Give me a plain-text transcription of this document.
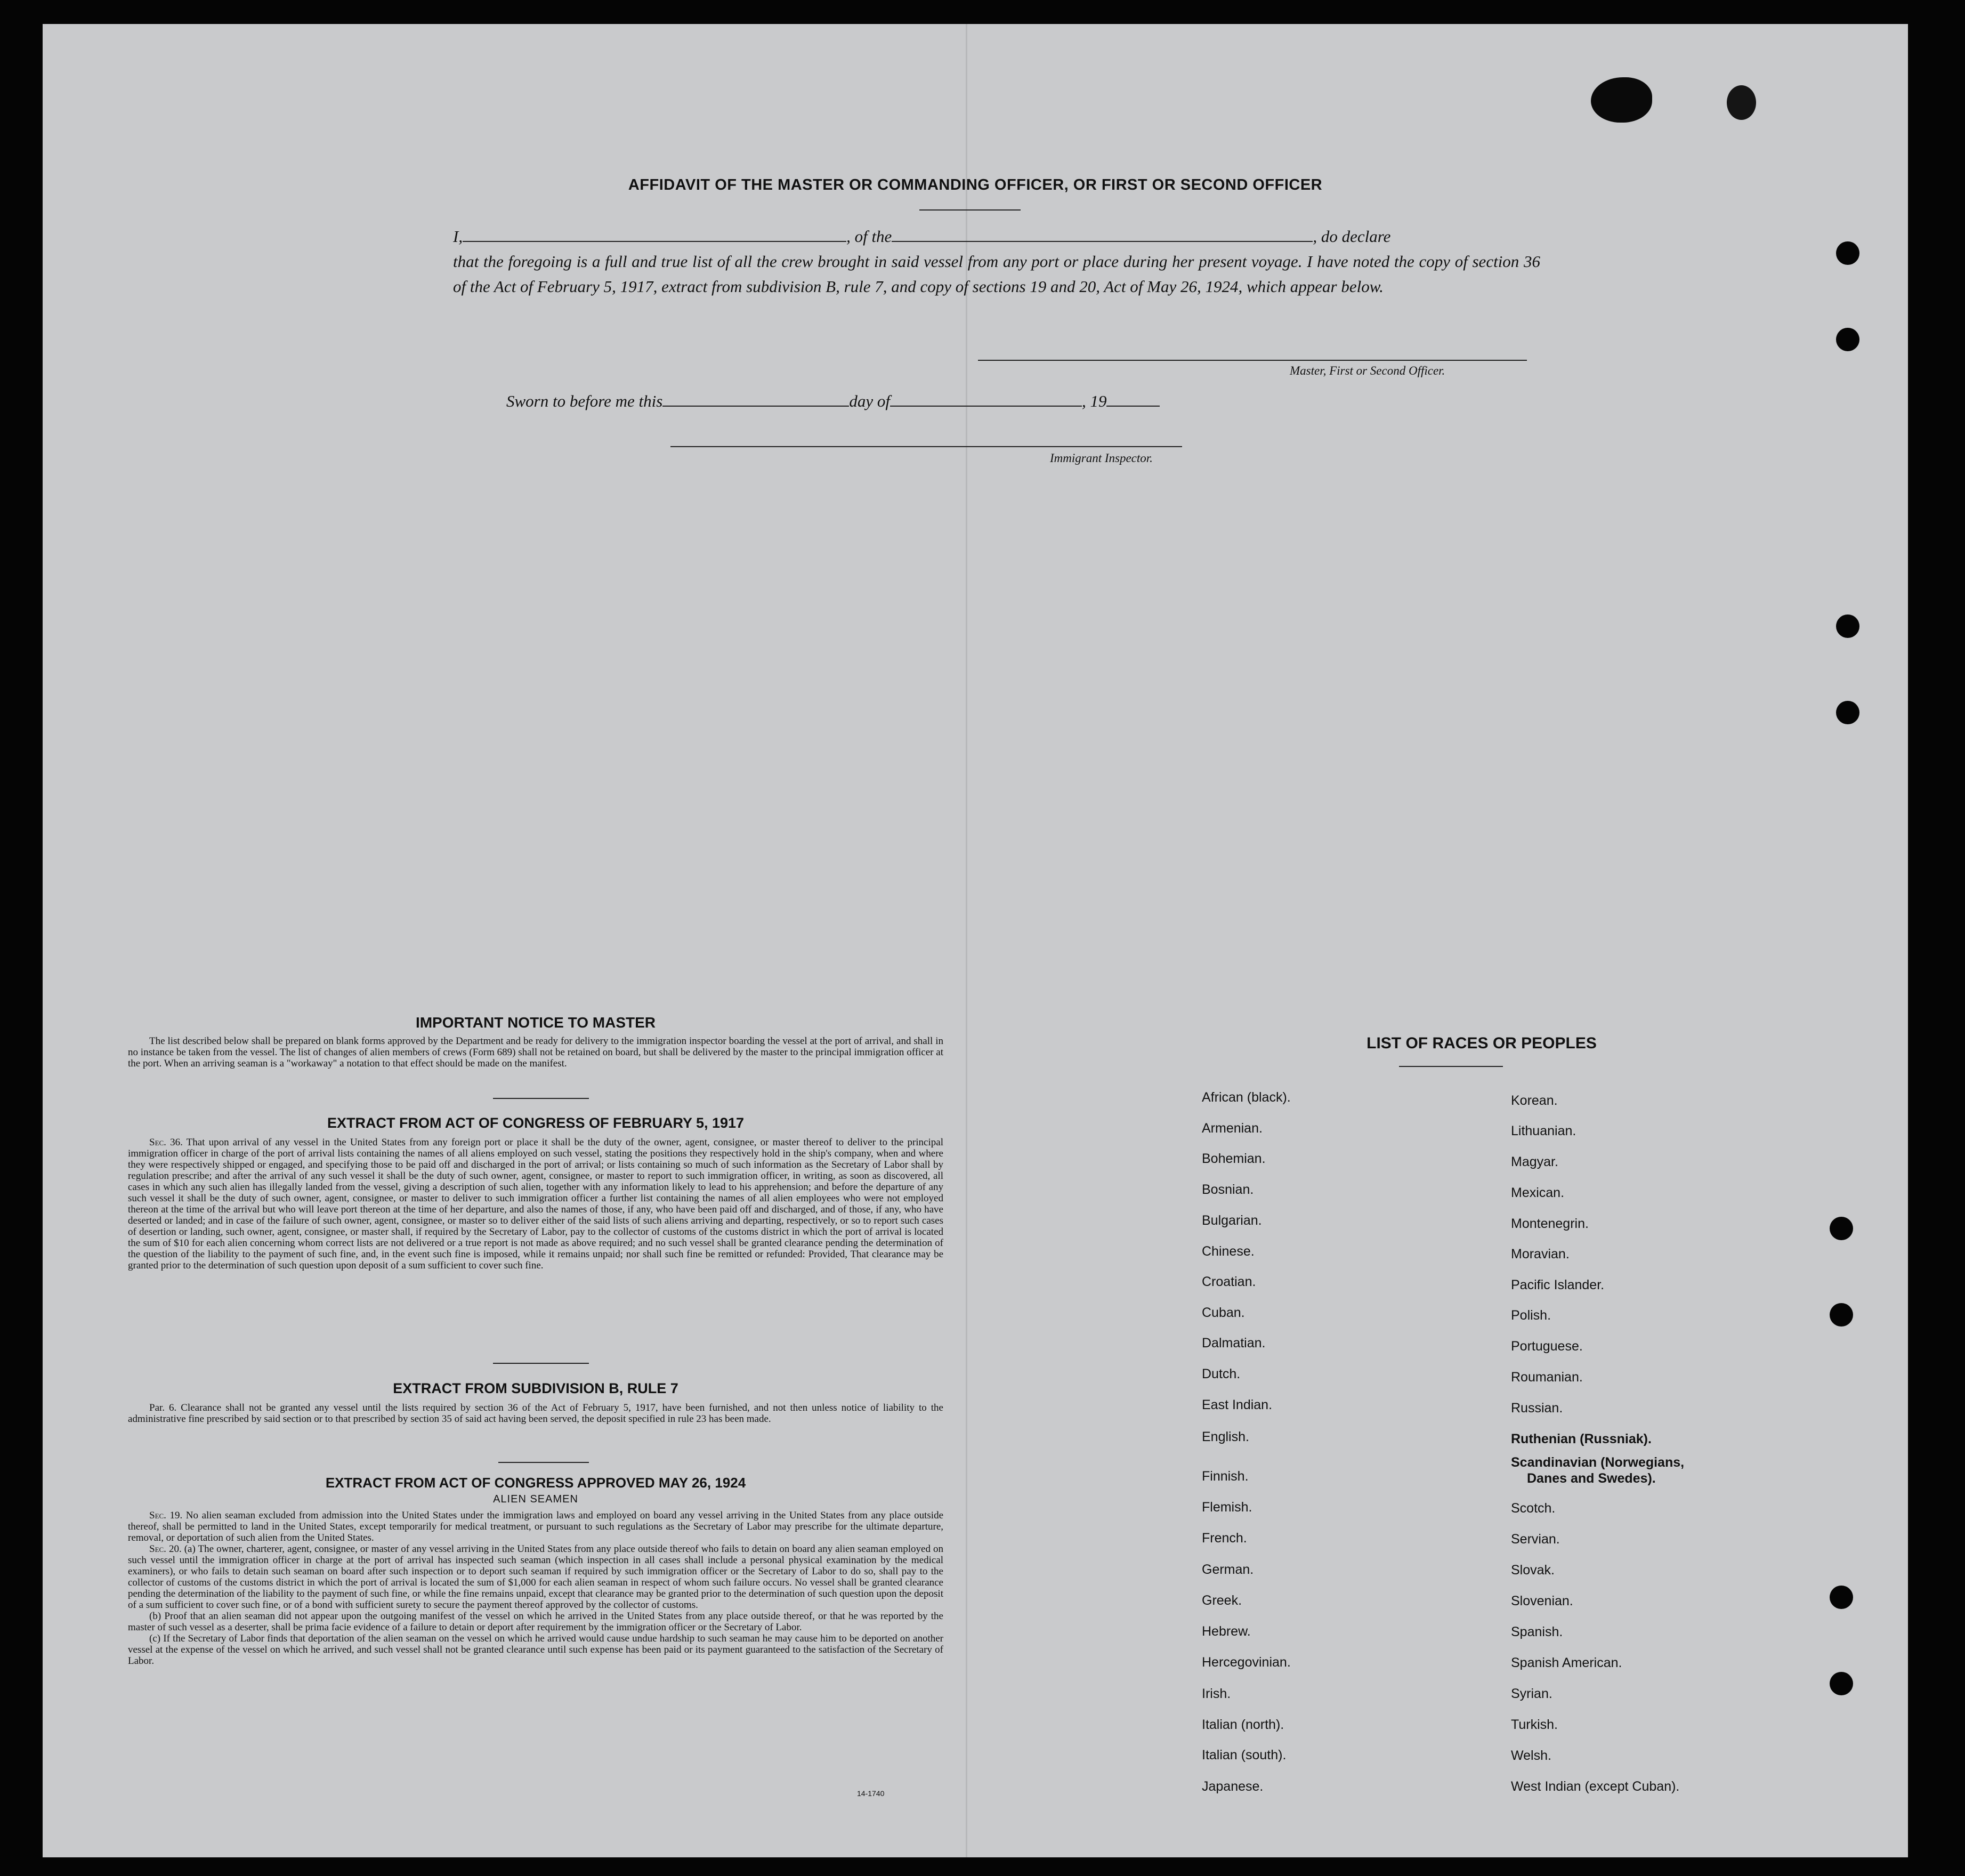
AFFIDAVIT OF THE MASTER OR COMMANDING OFFICER, OR FIRST OR SECOND OFFICER
I,	, of the	, do declare
that the foregoing is a full and true list of all the crew brought in said vessel from any port or place during her present voyage. I have noted the copy of section 36 of the Act of February 5, 1917, extract from subdivision B, rule 7, and copy of sections 19 and 20, Act of May 26, 1924, which appear below.
Master, First or Second Officer.
Sworn to before me this	day of	, 19
Immigrant Inspector.
IMPORTANT NOTICE TO MASTER

The list described below shall be prepared on blank forms approved by the Department and be ready for delivery to the immigration inspector boarding the vessel at the port of arrival, and shall in no instance be taken from the vessel. The list of changes of alien members of crews (Form 689) shall not be retained on board, but shall be delivered by the master to the principal immigration officer at the port. When an arriving seaman is a "workaway" a notation to that effect should be made on the manifest.

EXTRACT FROM ACT OF CONGRESS OF FEBRUARY 5, 1917

Sec. 36. That upon arrival of any vessel in the United States from any foreign port or place it shall be the duty of the owner, agent, consignee, or master thereof to deliver to the principal immigration officer in charge of the port of arrival lists containing the names of all aliens employed on such vessel, stating the positions they respectively hold in the ship's company, when and where they were respectively shipped or engaged, and specifying those to be paid off and discharged in the port of arrival; or lists containing so much of such information as the Secretary of Labor shall by regulation prescribe; and after the arrival of any such vessel it shall be the duty of such owner, agent, consignee, or master to report to such immigration officer, in writing, as soon as discovered, all cases in which any such alien has illegally landed from the vessel, giving a description of such alien, together with any information likely to lead to his apprehension; and before the departure of any such vessel it shall be the duty of such owner, agent, consignee, or master to deliver to such immigration officer a further list containing the names of all alien employees who were not employed thereon at the time of the arrival but who will leave port thereon at the time of her departure, and also the names of those, if any, who have been paid off and discharged, and of those, if any, who have deserted or landed; and in case of the failure of such owner, agent, consignee, or master so to deliver either of the said lists of such aliens arriving and departing, respectively, or so to report such cases of desertion or landing, such owner, agent, consignee, or master shall, if required by the Secretary of Labor, pay to the collector of customs of the customs district in which the port of arrival is located the sum of $10 for each alien concerning whom correct lists are not delivered or a true report is not made as above required; and no such vessel shall be granted clearance pending the determination of the question of the liability to the payment of such fine, and, in the event such fine is imposed, while it remains unpaid; nor shall such fine be remitted or refunded: Provided, That clearance may be granted prior to the determination of such question upon deposit of a sum sufficient to cover such fine.

EXTRACT FROM SUBDIVISION B, RULE 7

Par. 6. Clearance shall not be granted any vessel until the lists required by section 36 of the Act of February 5, 1917, have been furnished, and not then unless notice of liability to the administrative fine prescribed by said section or to that prescribed by section 35 of said act having been served, the deposit specified in rule 23 has been made.

EXTRACT FROM ACT OF CONGRESS APPROVED MAY 26, 1924
ALIEN SEAMEN

Sec. 19. No alien seaman excluded from admission into the United States under the immigration laws and employed on board any vessel arriving in the United States from any place outside thereof, shall be permitted to land in the United States, except temporarily for medical treatment, or pursuant to such regulations as the Secretary of Labor may prescribe for the ultimate departure, removal, or deportation of such alien from the United States.

Sec. 20. (a) The owner, charterer, agent, consignee, or master of any vessel arriving in the United States from any place outside thereof who fails to detain on board any alien seaman employed on such vessel until the immigration officer in charge at the port of arrival has inspected such seaman (which inspection in all cases shall include a personal physical examination by the medical examiners), or who fails to detain such seaman on board after such inspection or to deport such seaman if required by such immigration officer or the Secretary of Labor to do so, shall pay to the collector of customs of the customs district in which the port of arrival is located the sum of $1,000 for each alien seaman in respect of whom such failure occurs. No vessel shall be granted clearance pending the determination of the liability to the payment of such fine, or while the fine remains unpaid, except that clearance may be granted prior to the determination of such question upon the deposit of a sum sufficient to cover such fine, or of a bond with sufficient surety to secure the payment thereof approved by the collector of customs.

(b) Proof that an alien seaman did not appear upon the outgoing manifest of the vessel on which he arrived in the United States from any place outside thereof, or that he was reported by the master of such vessel as a deserter, shall be prima facie evidence of a failure to detain or deport after requirement by the immigration officer or the Secretary of Labor.

(c) If the Secretary of Labor finds that deportation of the alien seaman on the vessel on which he arrived would cause undue hardship to such seaman he may cause him to be deported on another vessel at the expense of the vessel on which he arrived, and such vessel shall not be granted clearance until such expense has been paid or its payment guaranteed to the satisfaction of the Secretary of Labor.

14-1740
LIST OF RACES OR PEOPLES
African (black).
Armenian.
Bohemian.
Bosnian.
Bulgarian.
Chinese.
Croatian.
Cuban.
Dalmatian.
Dutch.
East Indian.
English.
Finnish.
Flemish.
French.
German.
Greek.
Hebrew.
Hercegovinian.
Irish.
Italian (north).
Italian (south).
Japanese.
Korean.
Lithuanian.
Magyar.
Mexican.
Montenegrin.
Moravian.
Pacific Islander.
Polish.
Portuguese.
Roumanian.
Russian.
Ruthenian (Russniak).
Scandinavian (Norwegians,
Danes and Swedes).
Scotch.
Servian.
Slovak.
Slovenian.
Spanish.
Spanish American.
Syrian.
Turkish.
Welsh.
West Indian (except Cuban).
